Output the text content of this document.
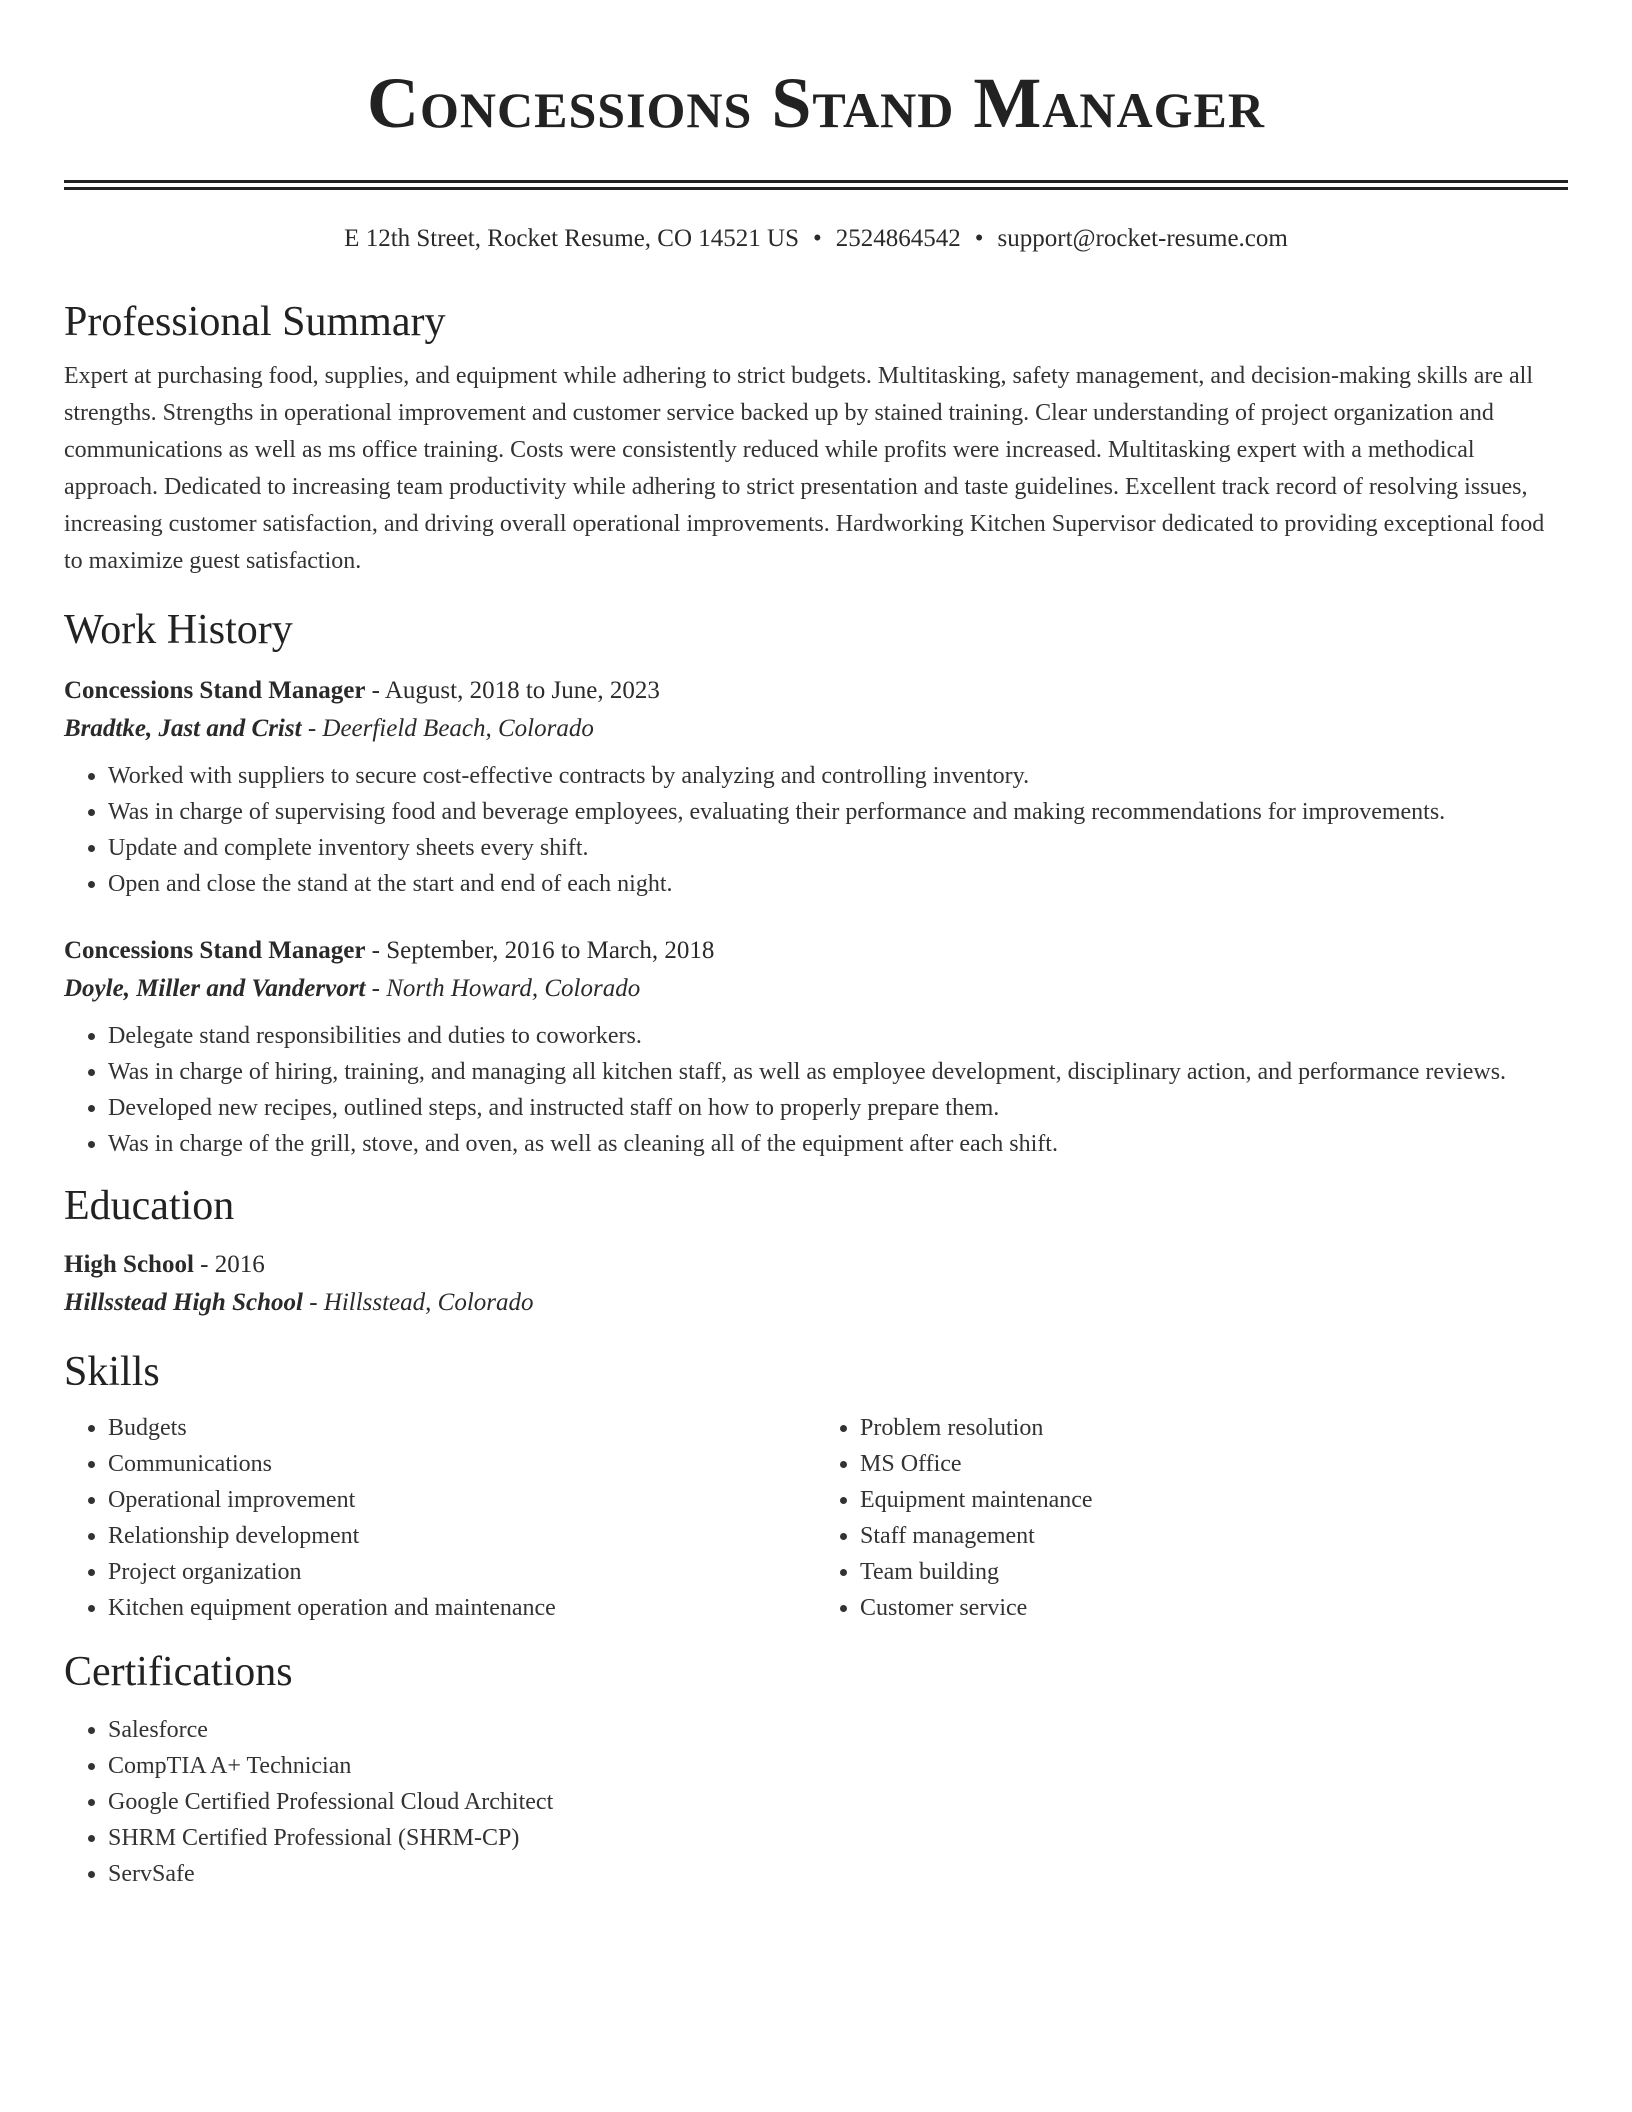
Concessions Stand Manager
E 12th Street, Rocket Resume, CO 14521 US • 2524864542 • support@rocket-resume.com
Professional Summary
Expert at purchasing food, supplies, and equipment while adhering to strict budgets. Multitasking, safety management, and decision-making skills are all strengths. Strengths in operational improvement and customer service backed up by stained training. Clear understanding of project organization and communications as well as ms office training. Costs were consistently reduced while profits were increased. Multitasking expert with a methodical approach. Dedicated to increasing team productivity while adhering to strict presentation and taste guidelines. Excellent track record of resolving issues, increasing customer satisfaction, and driving overall operational improvements. Hardworking Kitchen Supervisor dedicated to providing exceptional food to maximize guest satisfaction.
Work History
Concessions Stand Manager - August, 2018 to June, 2023
Bradtke, Jast and Crist - Deerfield Beach, Colorado
• Worked with suppliers to secure cost-effective contracts by analyzing and controlling inventory.
• Was in charge of supervising food and beverage employees, evaluating their performance and making recommendations for improvements.
• Update and complete inventory sheets every shift.
• Open and close the stand at the start and end of each night.
Concessions Stand Manager - September, 2016 to March, 2018
Doyle, Miller and Vandervort - North Howard, Colorado
• Delegate stand responsibilities and duties to coworkers.
• Was in charge of hiring, training, and managing all kitchen staff, as well as employee development, disciplinary action, and performance reviews.
• Developed new recipes, outlined steps, and instructed staff on how to properly prepare them.
• Was in charge of the grill, stove, and oven, as well as cleaning all of the equipment after each shift.
Education
High School - 2016
Hillsstead High School - Hillsstead, Colorado
Skills
• Budgets
• Communications
• Operational improvement
• Relationship development
• Project organization
• Kitchen equipment operation and maintenance
• Problem resolution
• MS Office
• Equipment maintenance
• Staff management
• Team building
• Customer service
Certifications
• Salesforce
• CompTIA A+ Technician
• Google Certified Professional Cloud Architect
• SHRM Certified Professional (SHRM-CP)
• ServSafe
